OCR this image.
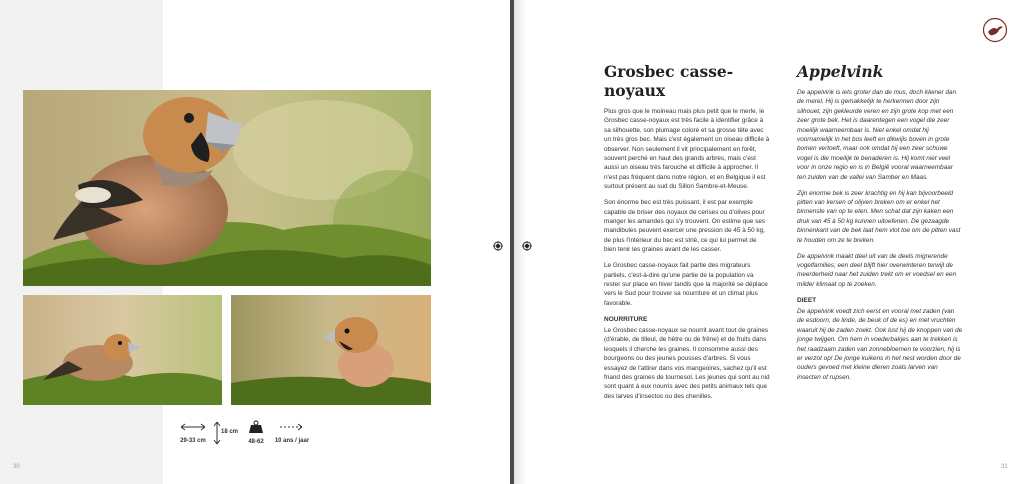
29-33 cm
18 cm
48-62	10 ans / jaar
30	31
Grosbec casse-noyaux

Plus gros que le moineau mais plus petit que le merle, le Grosbec casse-noyaux est très facile à identifier grâce à sa silhouette, son plumage coloré et sa grosse tête avec un très gros bec. Mais c'est également un oiseau difficile à observer. Non seulement il vit principalement en forêt, souvent perché en haut des grands arbres, mais c'est aussi un oiseau très farouche et difficile à approcher. Il n'est pas fréquent dans notre région, et en Belgique il est surtout présent au sud du Sillon Sambre-et-Meuse.

Son énorme bec est très puissant, il est par exemple capable de briser des noyaux de cerises ou d'olives pour manger les amandes qui s'y trouvent. On estime que ses mandibules peuvent exercer une pression de 45 à 50 kg, de plus l'intérieur du bec est strié, ce qui lui permet de bien tenir les graines avant de les casser.

Le Grosbec casse-noyaux fait partie des migrateurs partiels, c'est-à-dire qu'une partie de la population va rester sur place en hiver tandis que la majorité se déplace vers le Sud pour trouver sa nourriture et un climat plus favorable.

NOURRITURE

Le Grosbec casse-noyaux se nourrit avant tout de graines (d'érable, de tilleul, de hêtre ou de frêne) et de fruits dans lesquels il cherche les graines. Il consomme aussi des bourgeons ou des jeunes pousses d'arbres. Si vous essayez de l'attirer dans vos mangeoires, sachez qu'il est friand des graines de tournesol. Les jeunes qui sont au nid sont quant à eux nourris avec des petits animaux tels que des larves d'insectos ou des chenilles.

Appelvink

De appelvink is iets groter dan de mus, doch kleiner dan de merel. Hij is gemakkelijk te herkennen door zijn silhouet, zijn gekleurde veren en zijn grote kop met een zeer grote bek. Het is daarentegen een vogel die zeer moeilijk waarneembaar is. Niet enkel omdat hij voornamelijk in het bos leeft en dikwijls boven in grote bomen vertoeft, maar ook omdat hij een zeer schuwe vogel is die moeilijk te benaderen is. Hij komt niet veel voor in onze regio en is in België vooral waarneembaar ten zuiden van de vallei van Samber en Maas.

Zijn enorme bek is zeer krachtig en hij kan bijvoorbeeld pitten van kersen of olijven breken om er enkel het binnenste van op te eten. Men schat dat zijn kaken een druk van 45 à 50 kg kunnen uitoefenen. De gezaagde binnenkant van de bek laat hem vlot toe om de pitten vast te houden om ze te breken.

De appelvink maakt deel uit van de deels migrerende vogelfamilies; een deel blijft hier overwinteren terwijl de meerderheid naar het zuiden trekt om er voedsel en een milder klimaat op te zoeken.

DIEET

De appelvink voedt zich eerst en vooral met zaden (van de esdoorn, de linde, de beuk of de es) en met vruchten waaruit hij de zaden zoekt. Ook lust hij de knoppen van de jonge twijgen. Om hem in voederbakjes aan te trekken is het raadzaam zaden van zonnebloemen te voorzien, hij is er verzot op! De jonge kuikens in het nest worden door de ouders gevoed met kleine dieren zoals larven van insecten of rupsen.
